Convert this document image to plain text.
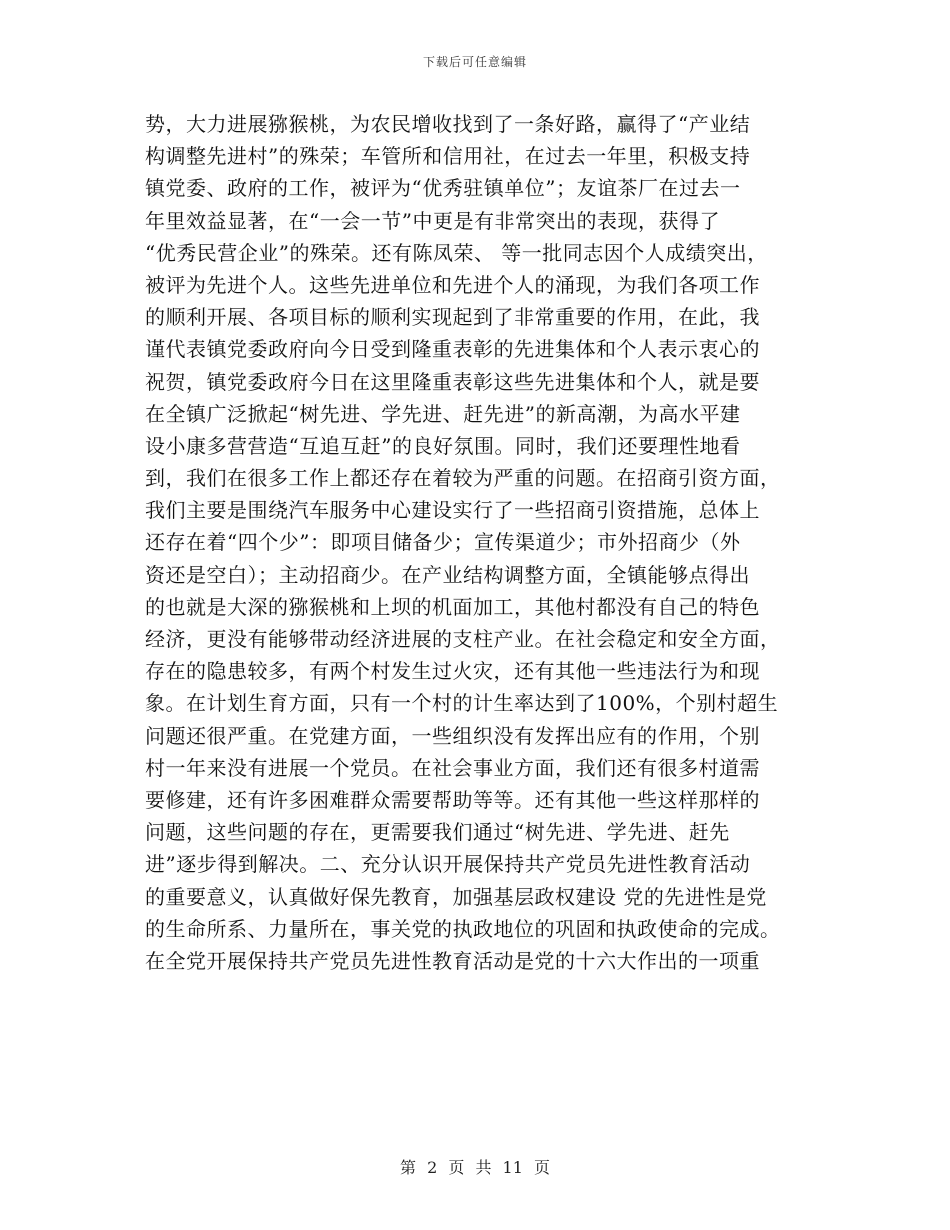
下载后可任意编辑
势，大力进展猕猴桃，为农民增收找到了一条好路，赢得了“产业结
构调整先进村”的殊荣；车管所和信用社，在过去一年里，积极支持
镇党委、政府的工作，被评为“优秀驻镇单位”；友谊茶厂在过去一
年里效益显著，在“一会一节”中更是有非常突出的表现，获得了
“优秀民营企业”的殊荣。还有陈凤荣、 等一批同志因个人成绩突出，
被评为先进个人。这些先进单位和先进个人的涌现，为我们各项工作
的顺利开展、各项目标的顺利实现起到了非常重要的作用，在此，我
谨代表镇党委政府向今日受到隆重表彰的先进集体和个人表示衷心的
祝贺，镇党委政府今日在这里隆重表彰这些先进集体和个人，就是要
在全镇广泛掀起“树先进、学先进、赶先进”的新高潮，为高水平建
设小康多营营造“互追互赶”的良好氛围。同时，我们还要理性地看
到，我们在很多工作上都还存在着较为严重的问题。在招商引资方面，
我们主要是围绕汽车服务中心建设实行了一些招商引资措施，总体上
还存在着“四个少”：即项目储备少；宣传渠道少；市外招商少（外
资还是空白）；主动招商少。在产业结构调整方面，全镇能够点得出
的也就是大深的猕猴桃和上坝的机面加工，其他村都没有自己的特色
经济，更没有能够带动经济进展的支柱产业。在社会稳定和安全方面，
存在的隐患较多，有两个村发生过火灾，还有其他一些违法行为和现
象。在计划生育方面，只有一个村的计生率达到了100%，个别村超生
问题还很严重。在党建方面，一些组织没有发挥出应有的作用，个别
村一年来没有进展一个党员。在社会事业方面，我们还有很多村道需
要修建，还有许多困难群众需要帮助等等。还有其他一些这样那样的
问题，这些问题的存在，更需要我们通过“树先进、学先进、赶先
进”逐步得到解决。二、充分认识开展保持共产党员先进性教育活动
的重要意义，认真做好保先教育，加强基层政权建设 党的先进性是党
的生命所系、力量所在，事关党的执政地位的巩固和执政使命的完成。
在全党开展保持共产党员先进性教育活动是党的十六大作出的一项重
第 2 页 共 11 页
